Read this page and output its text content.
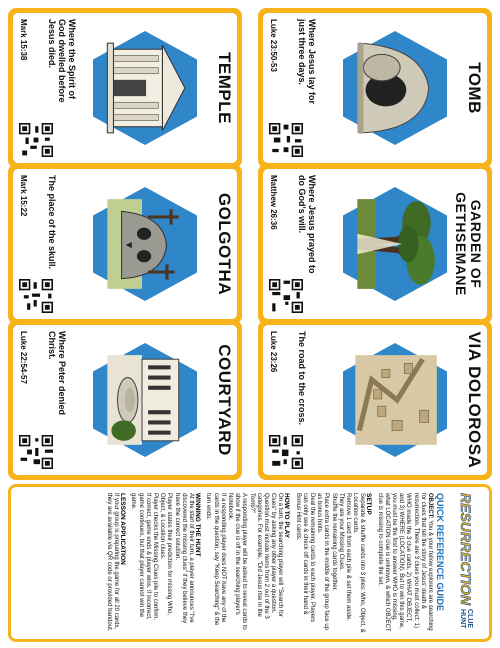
TEMPLE
Where the Spirit of God dwelled before Jesus died.
Mark 15:38
TOMB
Where Jesus lay for just three days.
Luke 23:50-53
GOLGOTHA
The place of the skull.
Mark 15:22
GARDEN OF
GETHSEMANE
Where Jesus prayed to do God's will.
Matthew 26:36
COURTYARD
Where Peter denied Christ.
Luke 22:54-57	VIA DOLOROSA
The road to the cross.
Luke 23:26
RESURRECTION
CLUE HUNT
QUICK REFERENCE GUIDE
OBJECT: You & your fellow explorers are searching for clues that tell the story of Jesus' death & resurrection. There are 3 clues you must collect: 1) WHO made the 3 clue cards, 2) WHAT OBJECT, and 3) WHERE (LOCATION). But to win this game, you must be the first to answer WHO is missing, what LOCATION clue is unknown, & which OBJECT clue is missing to complete the set.
SETUP
Separate & shuffle cards into 3 piles: Who, Object, & Location cards.
Remove 1 card from each pile & set them aside. They are your Missing Clues.
Shuffle the remaining cards together.
Place extra cards in the middle of the group face up as bonus hints.
Deal the remaining cards to each player. Players can only see & check off cards in their hand & Bonus Hint cards.
HOW TO PLAY
On a turn, the searching player will "Search for Clues" by asking any other player a question.
Question must include items from 2 out of the 3 categories. For example, "Did Jesus rise in the Tomb?"
A responding player will be asked to reveal cards to show if the clue is off in the searching player's Notebook.
If a responding player does NOT have any of the cards in the question, say "Keep Searching" & the turn ends.
WINNING THE HUNT
At the start of their turn, a player announces "I've discovered the missing clues" if they believe they have the correct solution.
Player states their prediction for missing Who, Object, & Location clues.
Player checks the Missing Clues pile to confirm.
If correct, game ends & player wins. If incorrect, game continues, but that player cannot win the game.
LESSON APPLICATION
If your group is preparing the game for all 20 cards, they are available via QR code or provided handout.
